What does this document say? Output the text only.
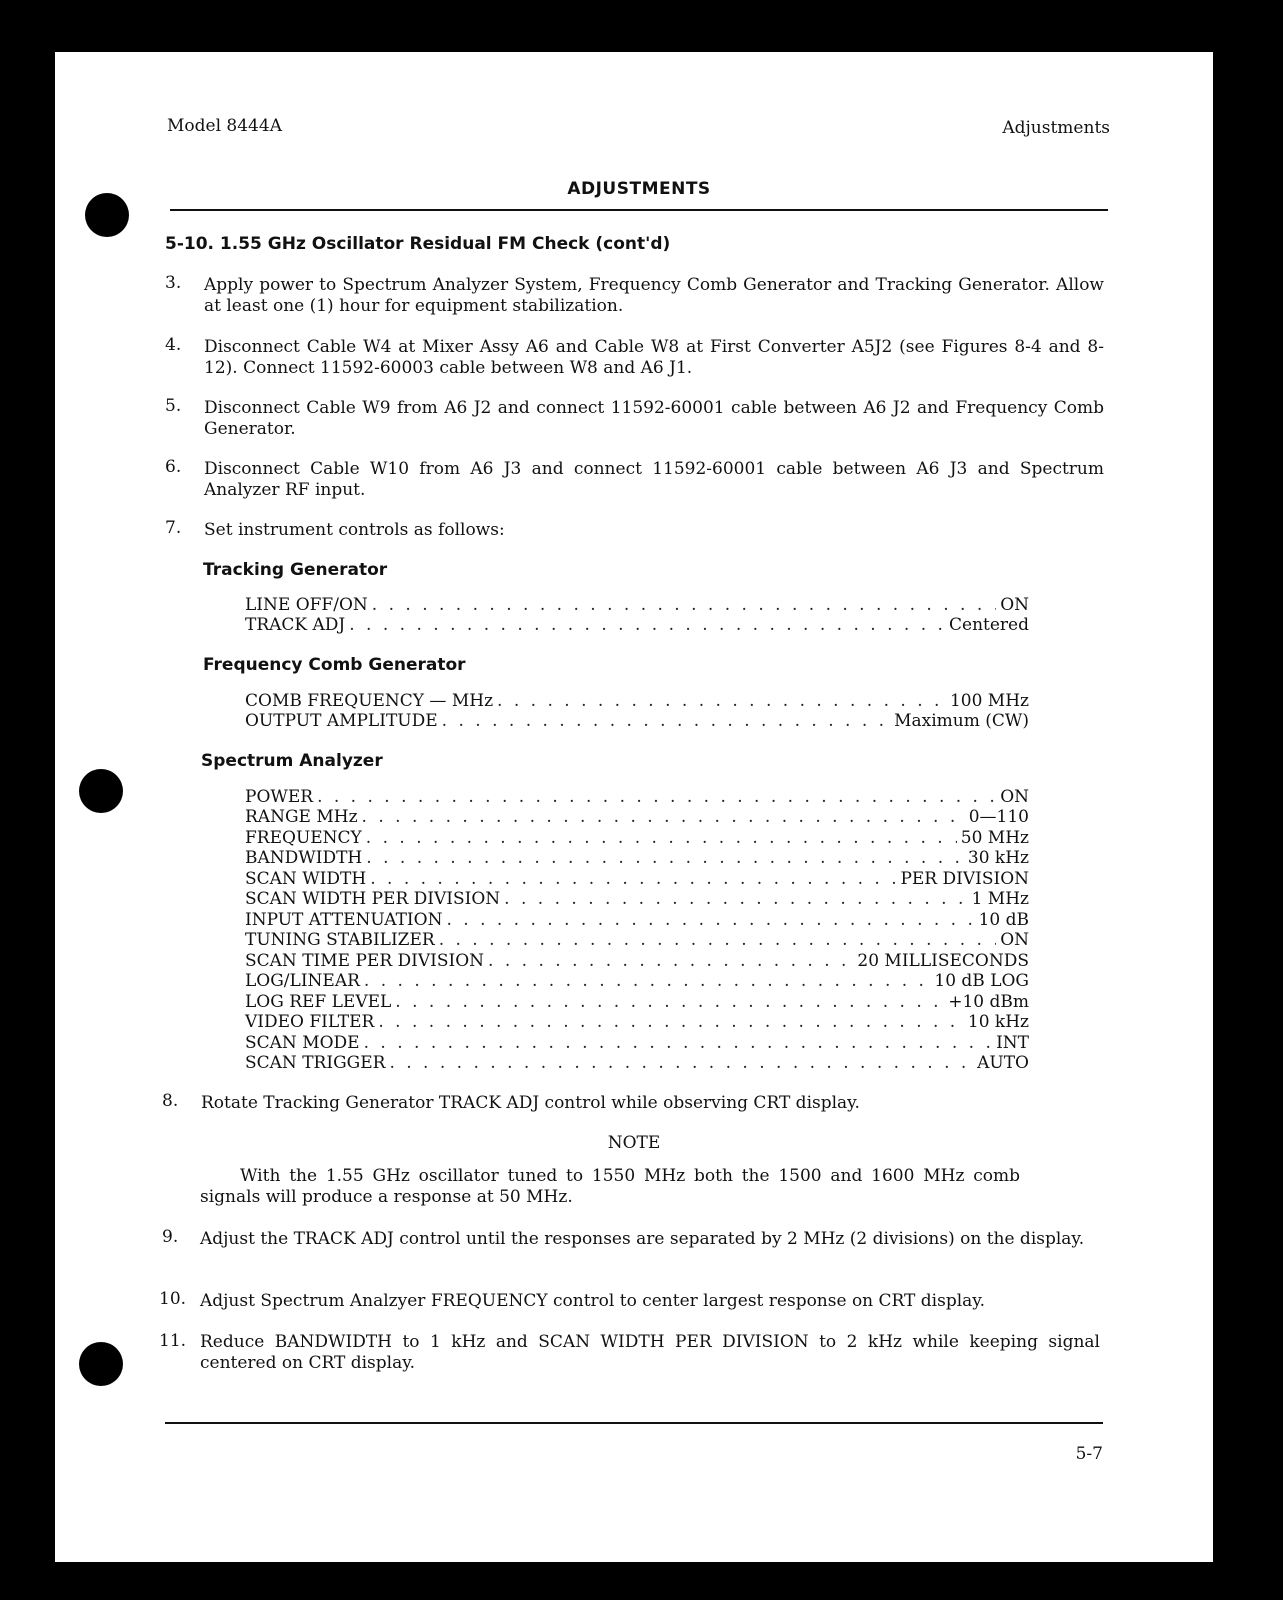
Model 8444A	Adjustments
ADJUSTMENTS
5-10. 1.55 GHz Oscillator Residual FM Check (cont'd)
3. Apply power to Spectrum Analyzer System, Frequency Comb Generator and Tracking Generator. Allow at least one (1) hour for equipment stabilization.
4. Disconnect Cable W4 at Mixer Assy A6 and Cable W8 at First Converter A5J2 (see Figures 8-4 and 8-12). Connect 11592-60003 cable between W8 and A6 J1.
5. Disconnect Cable W9 from A6 J2 and connect 11592-60001 cable between A6 J2 and Frequency Comb Generator.
6. Disconnect Cable W10 from A6 J3 and connect 11592-60001 cable between A6 J3 and Spectrum Analyzer RF input.
7. Set instrument controls as follows:
Tracking Generator
LINE OFF/ON . . .	ON
TRACK ADJ . . .	Centered
Frequency Comb Generator
COMB FREQUENCY — MHz . . .	100 MHz
OUTPUT AMPLITUDE . . .	Maximum (CW)
Spectrum Analyzer
POWER . . .	ON
RANGE MHz . . .	0—110
FREQUENCY . . .	50 MHz
BANDWIDTH . . .	30 kHz
SCAN WIDTH . . .	PER DIVISION
SCAN WIDTH PER DIVISION . . .	1 MHz
INPUT ATTENUATION . . .	10 dB
TUNING STABILIZER . . .	ON
SCAN TIME PER DIVISION . . .	20 MILLISECONDS
LOG/LINEAR . . .	10 dB LOG
LOG REF LEVEL . . .	+10 dBm
VIDEO FILTER . . .	10 kHz
SCAN MODE . . .	INT
SCAN TRIGGER . . .	AUTO
8. Rotate Tracking Generator TRACK ADJ control while observing CRT display.
NOTE
With the 1.55 GHz oscillator tuned to 1550 MHz both the 1500 and 1600 MHz comb signals will produce a response at 50 MHz.
9. Adjust the TRACK ADJ control until the responses are separated by 2 MHz (2 divisions) on the display.
10. Adjust Spectrum Analzyer FREQUENCY control to center largest response on CRT display.
11. Reduce BANDWIDTH to 1 kHz and SCAN WIDTH PER DIVISION to 2 kHz while keeping signal centered on CRT display.
5-7
